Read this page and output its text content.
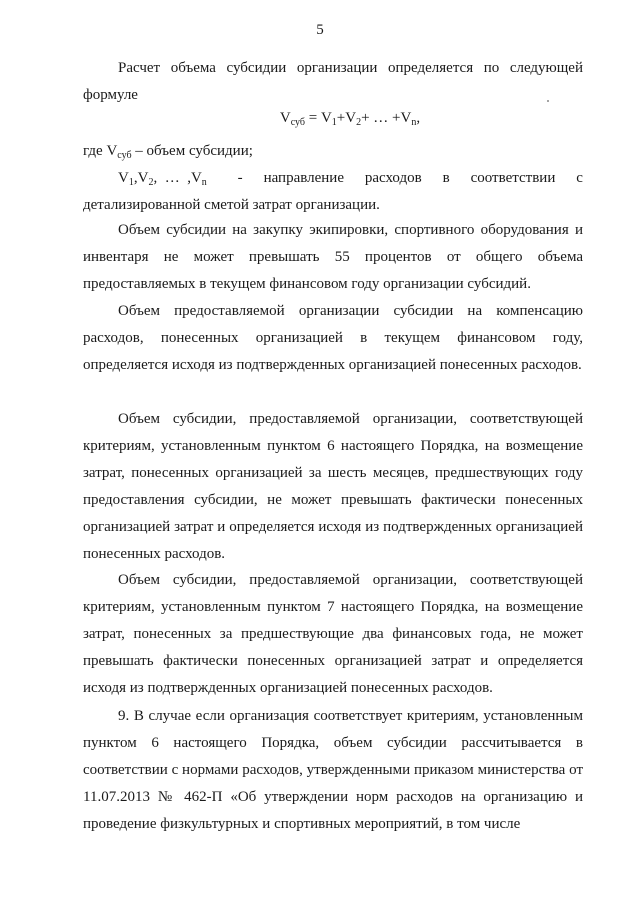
5

Расчет объема субсидии организации определяется по следующей формуле

$V_{суб} = V_1+V_2+$ … $+V_n$,
где $V_{суб}$ – объем субсидии;
$V_1,V_2$, … $,V_n$ - направление расходов в соответствии с
детализированной сметой затрат организации.

Объем субсидии на закупку экипировки, спортивного оборудования и инвентаря не может превышать 55 процентов от общего объема предоставляемых в текущем финансовом году организации субсидий.

Объем предоставляемой организации субсидии на компенсацию расходов, понесенных организацией в текущем финансовом году, определяется исходя из подтвержденных организацией понесенных расходов.

Объем субсидии, предоставляемой организации, соответствующей критериям, установленным пунктом 6 настоящего Порядка, на возмещение затрат, понесенных организацией за шесть месяцев, предшествующих году предоставления субсидии, не может превышать фактически понесенных организацией затрат и определяется исходя из подтвержденных организацией понесенных расходов.

Объем субсидии, предоставляемой организации, соответствующей критериям, установленным пунктом 7 настоящего Порядка, на возмещение затрат, понесенных за предшествующие два финансовых года, не может превышать фактически понесенных организацией затрат и определяется исходя из подтвержденных организацией понесенных расходов.

9. В случае если организация соответствует критериям, установленным пунктом 6 настоящего Порядка, объем субсидии рассчитывается в соответствии с нормами расходов, утвержденными приказом министерства от 11.07.2013 № 462-П «Об утверждении норм расходов на организацию и проведение физкультурных и спортивных мероприятий, в том числе
